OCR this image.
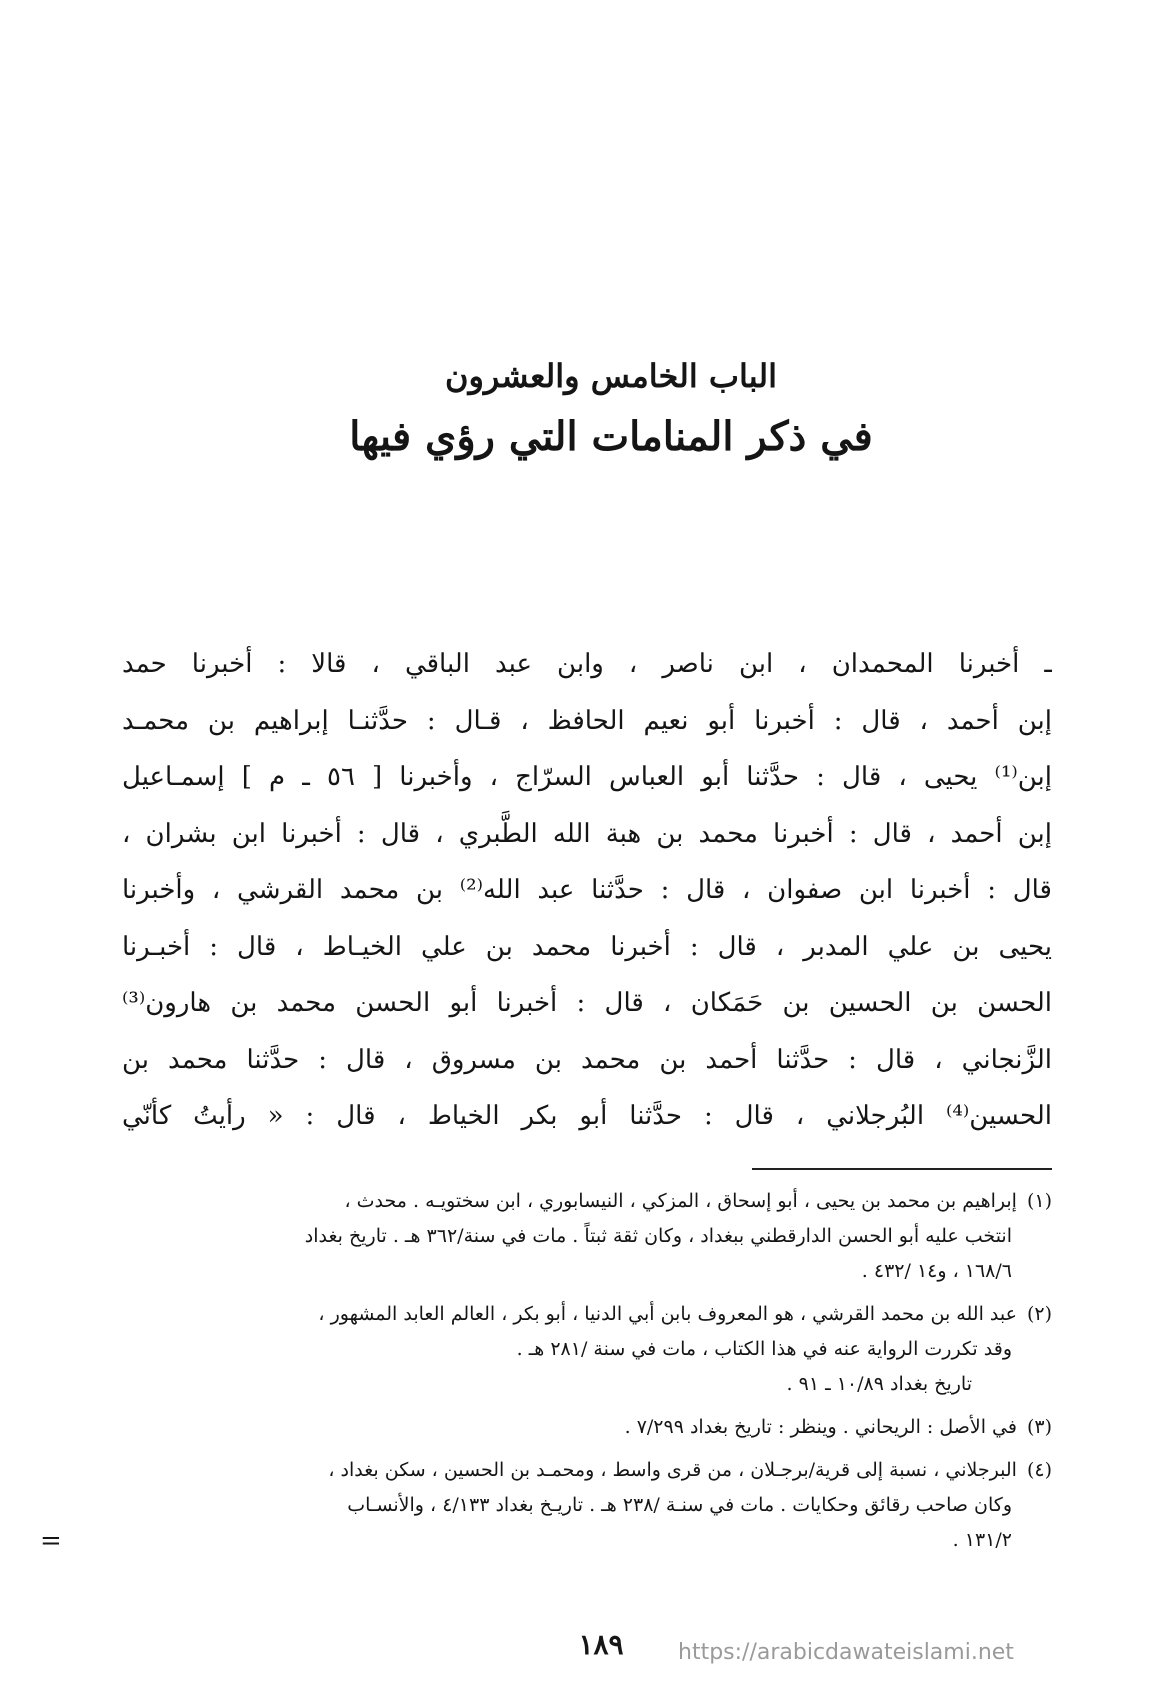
الباب الخامس والعشرون
في ذكر المنامات التي رؤي فيها
ـ أخبرنا المحمدان ، ابن ناصر ، وابن عبد الباقي ، قالا : أخبرنا حمد
إبن أحمد ، قال : أخبرنا أبو نعيم الحافظ ، قـال : حدَّثنـا إبراهيم بن محمـد
إبن⁽¹⁾ يحيى ، قال : حدَّثنا أبو العباس السرّاج ، وأخبرنا [ ٥٦ ـ م ] إسمـاعيل
إبن أحمد ، قال : أخبرنا محمد بن هبة الله الطَّبري ، قال : أخبرنا ابن بشران ،
قال : أخبرنا ابن صفوان ، قال : حدَّثنا عبد الله⁽²⁾ بن محمد القرشي ، وأخبرنا
يحيى بن علي المدبر ، قال : أخبرنا محمد بن علي الخيـاط ، قال : أخبـرنا
الحسن بن الحسين بن حَمَكان ، قال : أخبرنا أبو الحسن محمد بن هارون⁽³⁾
الزَّنجاني ، قال : حدَّثنا أحمد بن محمد بن مسروق ، قال : حدَّثنا محمد بن
الحسين⁽⁴⁾ البُرجلاني ، قال : حدَّثنا أبو بكر الخياط ، قال : « رأيتُ كأنّي
(١)إبراهيم بن محمد بن يحيى ، أبو إسحاق ، المزكي ، النيسابوري ، ابن سختويـه . محدث ،
انتخب عليه أبو الحسن الدارقطني ببغداد ، وكان ثقة ثبتاً . مات في سنة/٣٦٢ هـ . تاريخ بغداد
١٦٨/٦ ، و١٤ /٤٣٢ .
(٢)عبد الله بن محمد القرشي ، هو المعروف بابن أبي الدنيا ، أبو بكر ، العالم العابد المشهور ،
وقد تكررت الرواية عنه في هذا الكتاب ، مات في سنة /٢٨١ هـ .
تاريخ بغداد ١٠/٨٩ ـ ٩١ .
(٣)في الأصل : الريحاني . وينظر : تاريخ بغداد ٧/٢٩٩ .
(٤)البرجلاني ، نسبة إلى قرية/برجـلان ، من قرى واسط ، ومحمـد بن الحسين ، سكن بغداد ،
وكان صاحب رقائق وحكايات . مات في سنـة /٢٣٨ هـ . تاريـخ بغداد ٤/١٣٣ ، والأنسـاب
١٣١/٢ .
=
١٨٩	https://arabicdawateislami.net
